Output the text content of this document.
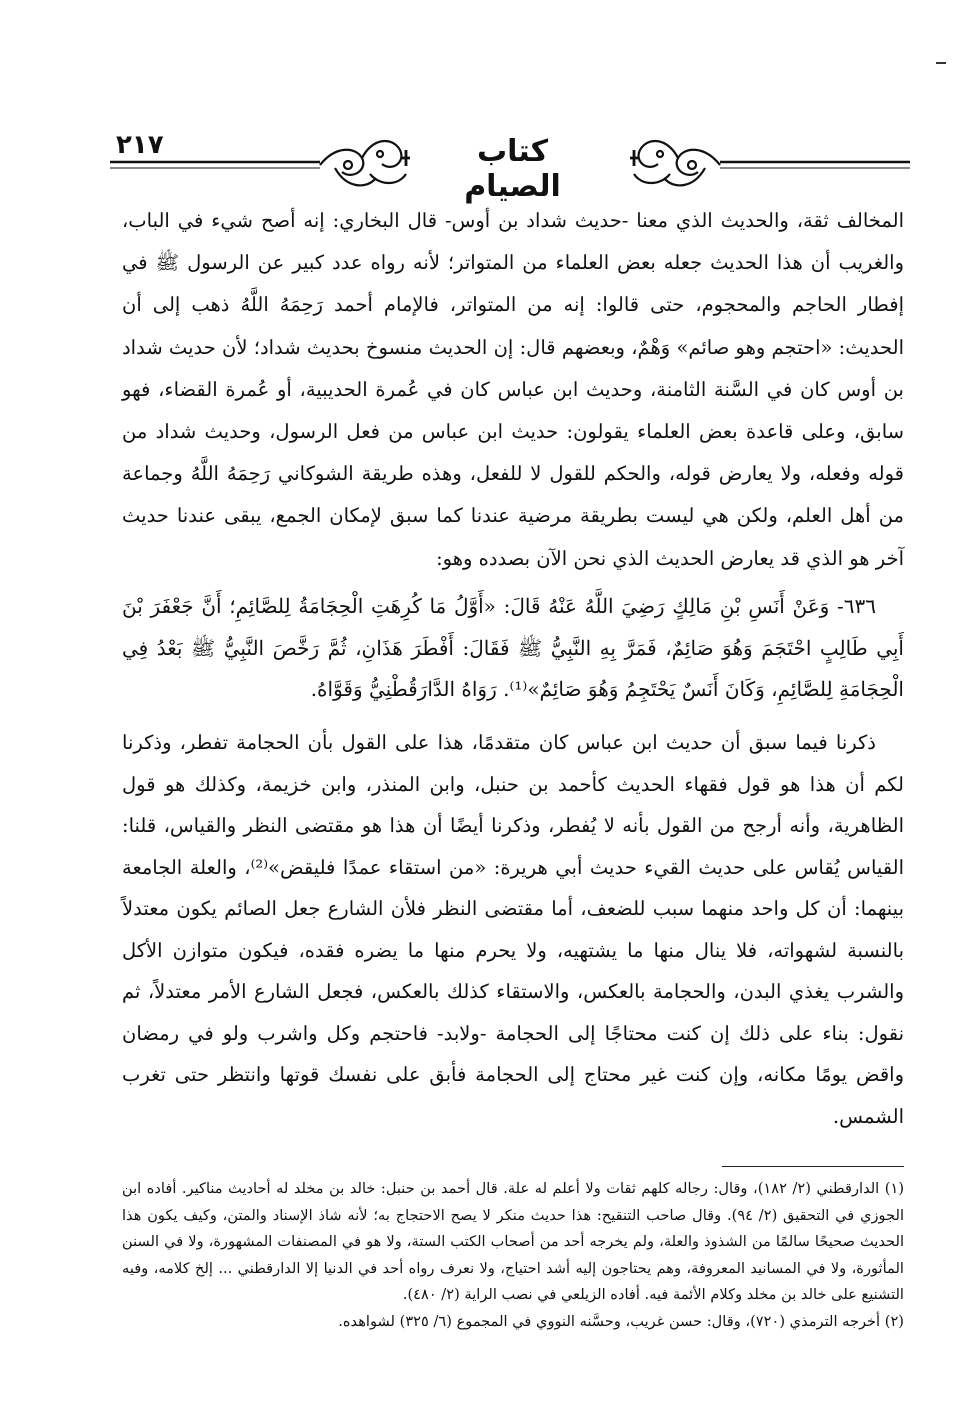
٢١٧	كتاب الصيام

المخالف ثقة، والحديث الذي معنا -حديث شداد بن أوس- قال البخاري: إنه أصح شيء في الباب، والغريب أن هذا الحديث جعله بعض العلماء من المتواتر؛ لأنه رواه عدد كبير عن الرسول ﷺ في إفطار الحاجم والمحجوم، حتى قالوا: إنه من المتواتر، فالإمام أحمد رَحِمَهُ اللَّهُ ذهب إلى أن الحديث: «احتجم وهو صائم» وَهْمٌ، وبعضهم قال: إن الحديث منسوخ بحديث شداد؛ لأن حديث شداد بن أوس كان في السَّنة الثامنة، وحديث ابن عباس كان في عُمرة الحديبية، أو عُمرة القضاء، فهو سابق، وعلى قاعدة بعض العلماء يقولون: حديث ابن عباس من فعل الرسول، وحديث شداد من قوله وفعله، ولا يعارض قوله، والحكم للقول لا للفعل، وهذه طريقة الشوكاني رَحِمَهُ اللَّهُ وجماعة من أهل العلم، ولكن هي ليست بطريقة مرضية عندنا كما سبق لإمكان الجمع، يبقى عندنا حديث آخر هو الذي قد يعارض الحديث الذي نحن الآن بصدده وهو:

٦٣٦- وَعَنْ أَنَسِ بْنِ مَالِكٍ رَضِيَ اللَّهُ عَنْهُ قَالَ: «أَوَّلُ مَا كُرِهَتِ الْحِجَامَةُ لِلصَّائِمِ؛ أَنَّ جَعْفَرَ بْنَ أَبِي طَالِبٍ احْتَجَمَ وَهُوَ صَائِمٌ، فَمَرَّ بِهِ النَّبِيُّ ﷺ فَقَالَ: أَفْطَرَ هَذَانِ، ثُمَّ رَخَّصَ النَّبِيُّ ﷺ بَعْدُ فِي الْحِجَامَةِ لِلصَّائِمِ، وَكَانَ أَنَسٌ يَحْتَجِمُ وَهُوَ صَائِمٌ»⁽¹⁾. رَوَاهُ الدَّارَقُطْنِيُّ وَقَوَّاهُ.

ذكرنا فيما سبق أن حديث ابن عباس كان متقدمًا، هذا على القول بأن الحجامة تفطر، وذكرنا لكم أن هذا هو قول فقهاء الحديث كأحمد بن حنبل، وابن المنذر، وابن خزيمة، وكذلك هو قول الظاهرية، وأنه أرجح من القول بأنه لا يُفطر، وذكرنا أيضًا أن هذا هو مقتضى النظر والقياس، قلنا: القياس يُقاس على حديث القيء حديث أبي هريرة: «من استقاء عمدًا فليقض»⁽²⁾، والعلة الجامعة بينهما: أن كل واحد منهما سبب للضعف، أما مقتضى النظر فلأن الشارع جعل الصائم يكون معتدلاً بالنسبة لشهواته، فلا ينال منها ما يشتهيه، ولا يحرم منها ما يضره فقده، فيكون متوازن الأكل والشرب يغذي البدن، والحجامة بالعكس، والاستقاء كذلك بالعكس، فجعل الشارع الأمر معتدلاً، ثم نقول: بناء على ذلك إن كنت محتاجًا إلى الحجامة -ولابد- فاحتجم وكل واشرب ولو في رمضان واقض يومًا مكانه، وإن كنت غير محتاج إلى الحجامة فأبق على نفسك قوتها وانتظر حتى تغرب الشمس.

(١) الدارقطني (٢/ ١٨٢)، وقال: رجاله كلهم ثقات ولا أعلم له علة. قال أحمد بن حنبل: خالد بن مخلد له أحاديث مناكير. أفاده ابن الجوزي في التحقيق (٢/ ٩٤). وقال صاحب التنقيح: هذا حديث منكر لا يصح الاحتجاج به؛ لأنه شاذ الإسناد والمتن، وكيف يكون هذا الحديث صحيحًا سالمًا من الشذوذ والعلة، ولم يخرجه أحد من أصحاب الكتب الستة، ولا هو في المصنفات المشهورة، ولا في السنن المأثورة، ولا في المسانيد المعروفة، وهم يحتاجون إليه أشد احتياج، ولا نعرف رواه أحد في الدنيا إلا الدارقطني ... إلخ كلامه، وفيه التشنيع على خالد بن مخلد وكلام الأئمة فيه. أفاده الزيلعي في نصب الراية (٢/ ٤٨٠).

(٢) أخرجه الترمذي (٧٢٠)، وقال: حسن غريب، وحسَّنه النووي في المجموع (٦/ ٣٢٥) لشواهده.
